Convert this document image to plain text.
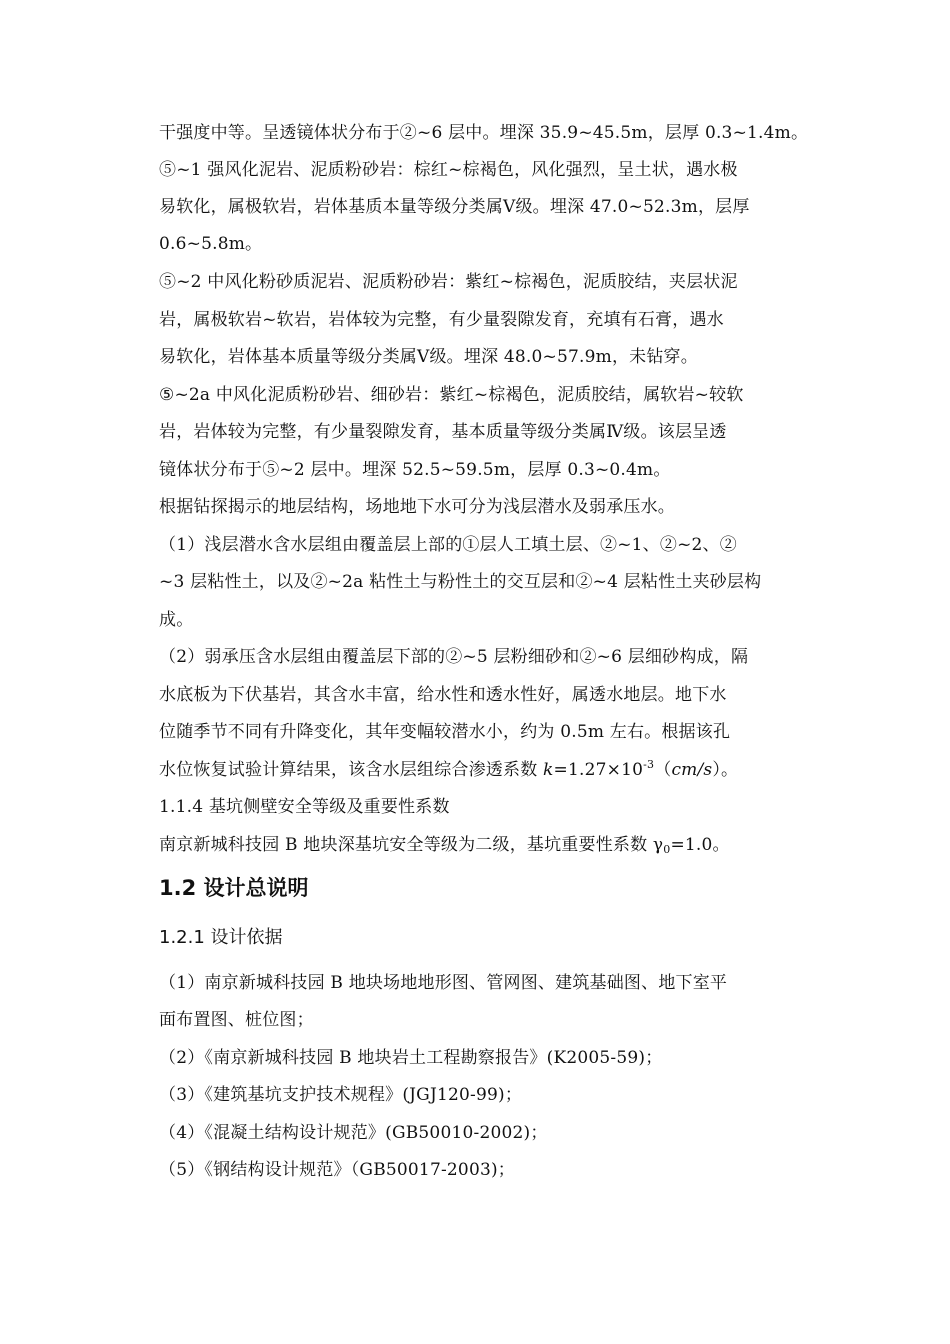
干强度中等。呈透镜体状分布于②~6 层中。埋深 35.9~45.5m，层厚 0.3~1.4m。
⑤~1 强风化泥岩、泥质粉砂岩：棕红~棕褐色，风化强烈，呈土状，遇水极
易软化，属极软岩，岩体基质本量等级分类属Ⅴ级。埋深 47.0~52.3m，层厚
0.6~5.8m。
⑤~2 中风化粉砂质泥岩、泥质粉砂岩：紫红~棕褐色，泥质胶结，夹层状泥
岩，属极软岩~软岩，岩体较为完整，有少量裂隙发育，充填有石膏，遇水
易软化，岩体基本质量等级分类属Ⅴ级。埋深 48.0~57.9m，未钻穿。
⑤~2a 中风化泥质粉砂岩、细砂岩：紫红~棕褐色，泥质胶结，属软岩~较软
岩，岩体较为完整，有少量裂隙发育，基本质量等级分类属Ⅳ级。该层呈透
镜体状分布于⑤~2 层中。埋深 52.5~59.5m，层厚 0.3~0.4m。
根据钻探揭示的地层结构，场地地下水可分为浅层潜水及弱承压水。
（1）浅层潜水含水层组由覆盖层上部的①层人工填土层、②~1、②~2、②
~3 层粘性土，以及②~2a 粘性土与粉性土的交互层和②~4 层粘性土夹砂层构
成。
（2）弱承压含水层组由覆盖层下部的②~5 层粉细砂和②~6 层细砂构成，隔
水底板为下伏基岩，其含水丰富，给水性和透水性好，属透水地层。地下水
位随季节不同有升降变化，其年变幅较潜水小，约为 0.5m 左右。根据该孔
水位恢复试验计算结果，该含水层组综合渗透系数 $k=1.27\times 10^{-3}(cm/s)$。
1.1.4 基坑侧壁安全等级及重要性系数
南京新城科技园 B 地块深基坑安全等级为二级，基坑重要性系数 $\gamma_0=1.0$。
1.2 设计总说明
1.2.1 设计依据
（1）南京新城科技园 B 地块场地地形图、管网图、建筑基础图、地下室平
面布置图、桩位图；
（2）《南京新城科技园 B 地块岩土工程勘察报告》(K2005-59)；
（3）《建筑基坑支护技术规程》(JGJ120-99)；
（4）《混凝土结构设计规范》(GB50010-2002)；
（5）《钢结构设计规范》（GB50017-2003)；
